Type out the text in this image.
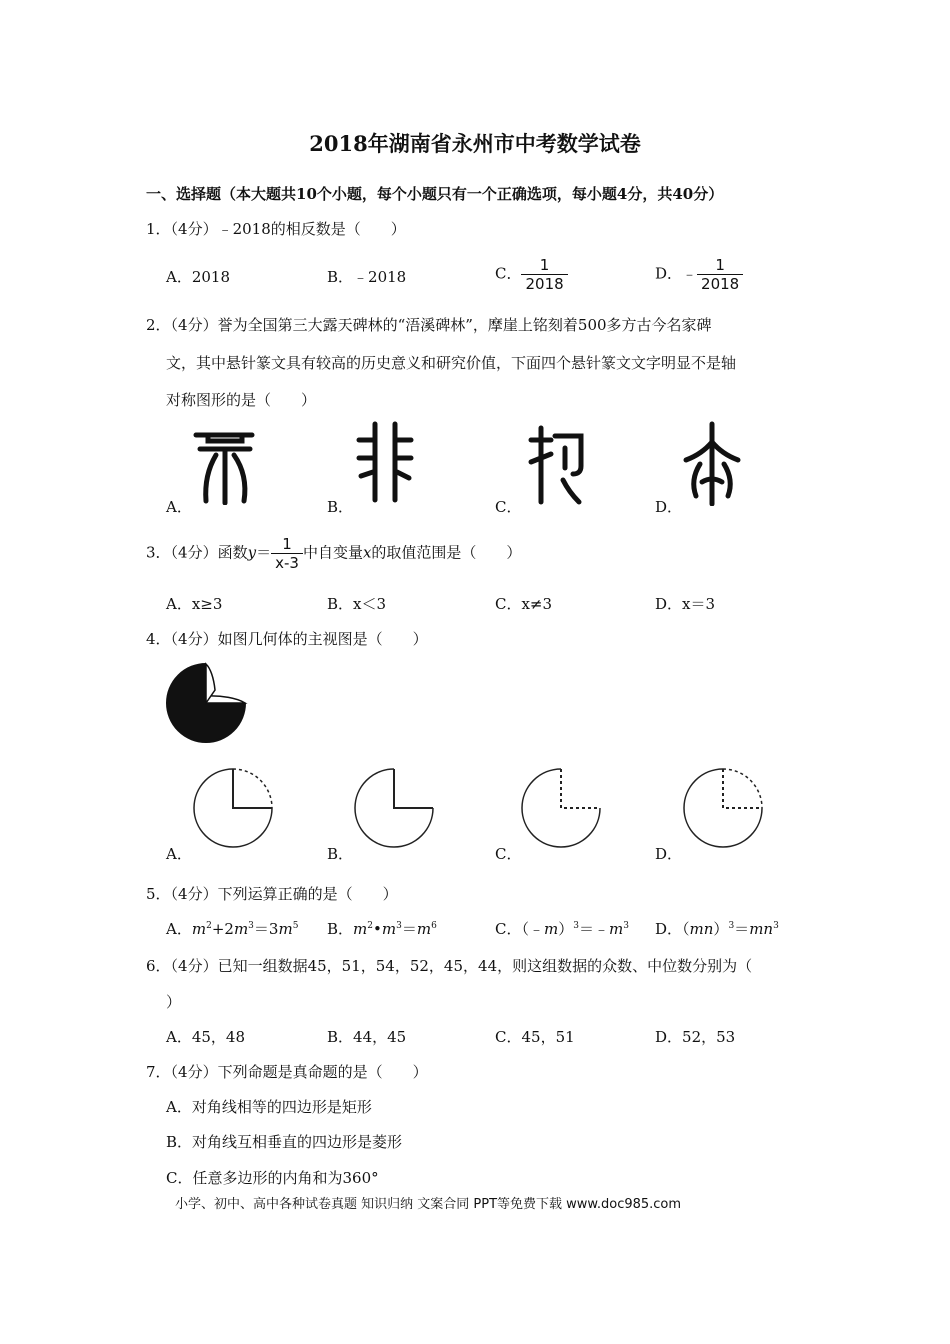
2018年湖南省永州市中考数学试卷
一、选择题（本大题共10个小题，每个小题只有一个正确选项，每小题4分，共40分）
1．（4分）﹣2018的相反数是（　　）
A．2018	B．﹣2018	C． $\frac{1}{2018}$	D．﹣ $\frac{1}{2018}$
2．（4分）誉为全国第三大露天碑林的“浯溪碑林”，摩崖上铭刻着500多方古今名家碑
文，其中悬针篆文具有较高的历史意义和研究价值，下面四个悬针篆文文字明显不是轴
对称图形的是（　　）
A．	B．	C．	D．
3．（4分）函数$y= \frac{1}{x-3}$ 中自变量x的取值范围是（　　）
A．x≥3	B．x＜3	C．x≠3	D．x＝3
4．（4分）如图几何体的主视图是（　　）
A．	B．	C．	D．
5．（4分）下列运算正确的是（　　）
A．$m^2+2m^3=3m^5$ B．$m^2•m^3=m^6$	C．$(﹣m)^3=﹣m^3$ D．$(mn)^3=mn^3$
6．（4分）已知一组数据45，51，54，52，45，44，则这组数据的众数、中位数分别为（
）
A．45，48	B．44，45	C．45，51	D．52，53
7．（4分）下列命题是真命题的是（　　）
A．对角线相等的四边形是矩形
B．对角线互相垂直的四边形是菱形
C．任意多边形的内角和为360°
小学、初中、高中各种试卷真题 知识归纳 文案合同 PPT等免费下载 www.doc985.com
